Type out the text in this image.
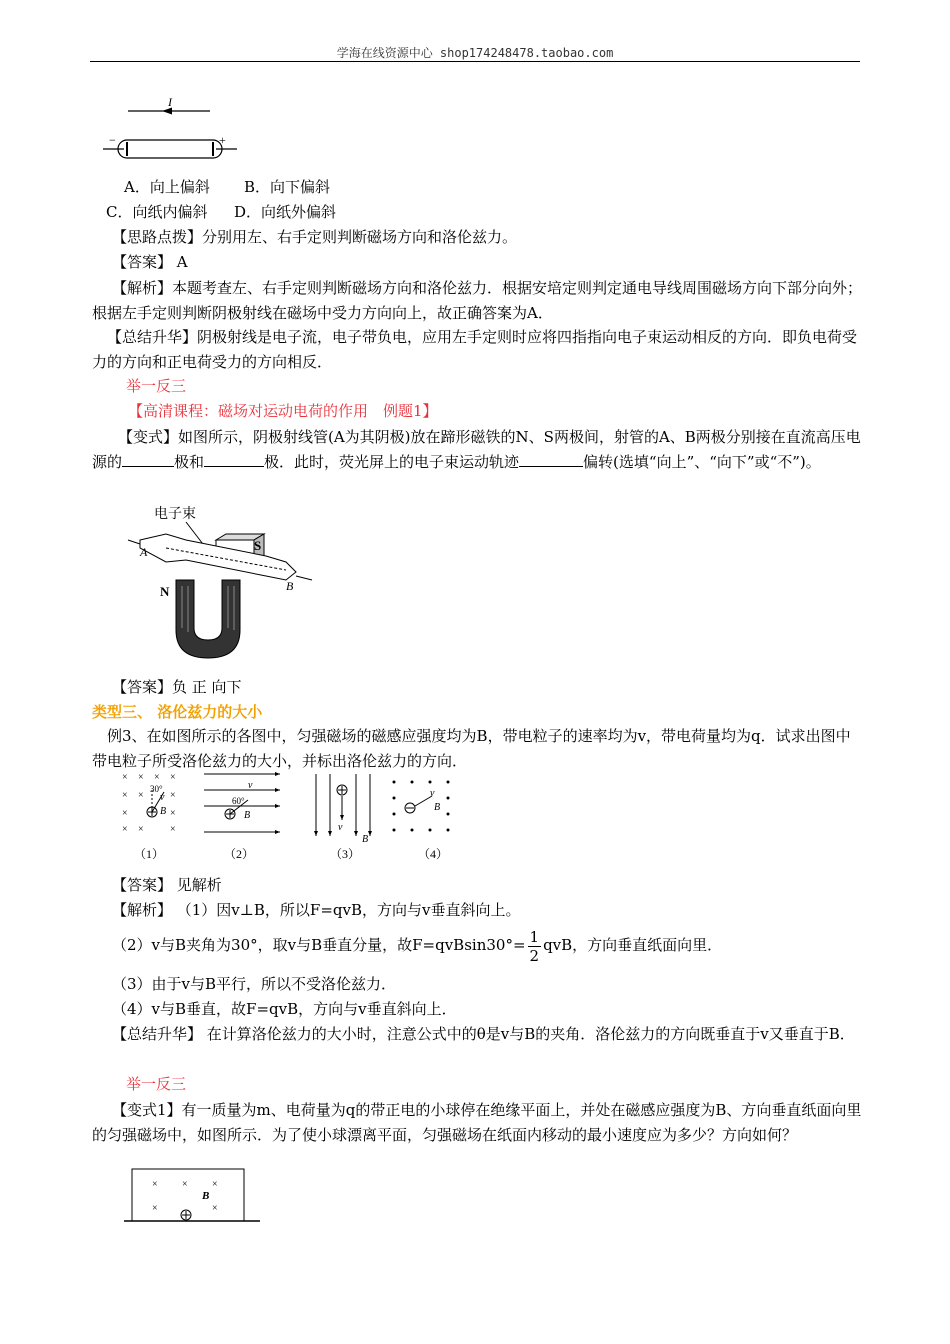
学海在线资源中心 shop174248478.taobao.com
I
−	+
A．向上偏斜 B．向下偏斜
C．向纸内偏斜 D．向纸外偏斜
【思路点拨】分别用左、右手定则判断磁场方向和洛伦兹力。
【答案】 A
【解析】本题考查左、右手定则判断磁场方向和洛伦兹力．根据安培定则判定通电导线周围磁场方向下部分向外；根据左手定则判断阴极射线在磁场中受力方向向上，故正确答案为A．
【总结升华】阴极射线是电子流，电子带负电，应用左手定则时应将四指指向电子束运动相反的方向．即负电荷受力的方向和正电荷受力的方向相反．
举一反三
【高清课程：磁场对运动电荷的作用　例题1】
【变式】如图所示，阴极射线管(A为其阴极)放在蹄形磁铁的N、S两极间，射管的A、B两极分别接在直流高压电源的	极和	极．此时，荧光屏上的电子束运动轨迹	偏转(选填“向上”、“向下”或“不”)。
电子束
S
N
A
B
【答案】负 正 向下
类型三、 洛伦兹力的大小
例3、在如图所示的各图中，匀强磁场的磁感应强度均为B，带电粒子的速率均为v，带电荷量均为q．试求出图中带电粒子所受洛伦兹力的大小，并标出洛伦兹力的方向．
× × × ×
× ×	×
×	×
× ×	×
30°
v
B
（1）
60°
v
B
（2）
v
B
（3）
v
B
（4）
【答案】 见解析
【解析】 （1）因v⊥B，所以F=qvB，方向与v垂直斜向上。
（2）v与B夹角为30°，取v与B垂直分量，故$F=qvBsin30^\circ= \frac{1}{2}$ qvB，方向垂直纸面向里．
（3）由于v与B平行，所以不受洛伦兹力．
（4）v与B垂直，故F=qvB，方向与v垂直斜向上．
【总结升华】 在计算洛伦兹力的大小时，注意公式中的θ是v与B的夹角．洛伦兹力的方向既垂直于v又垂直于B．
举一反三
【变式1】有一质量为m、电荷量为q的带正电的小球停在绝缘平面上，并处在磁感应强度为B、方向垂直纸面向里的匀强磁场中，如图所示．为了使小球漂离平面，匀强磁场在纸面内移动的最小速度应为多少？方向如何？
× × ×
×	×
B
